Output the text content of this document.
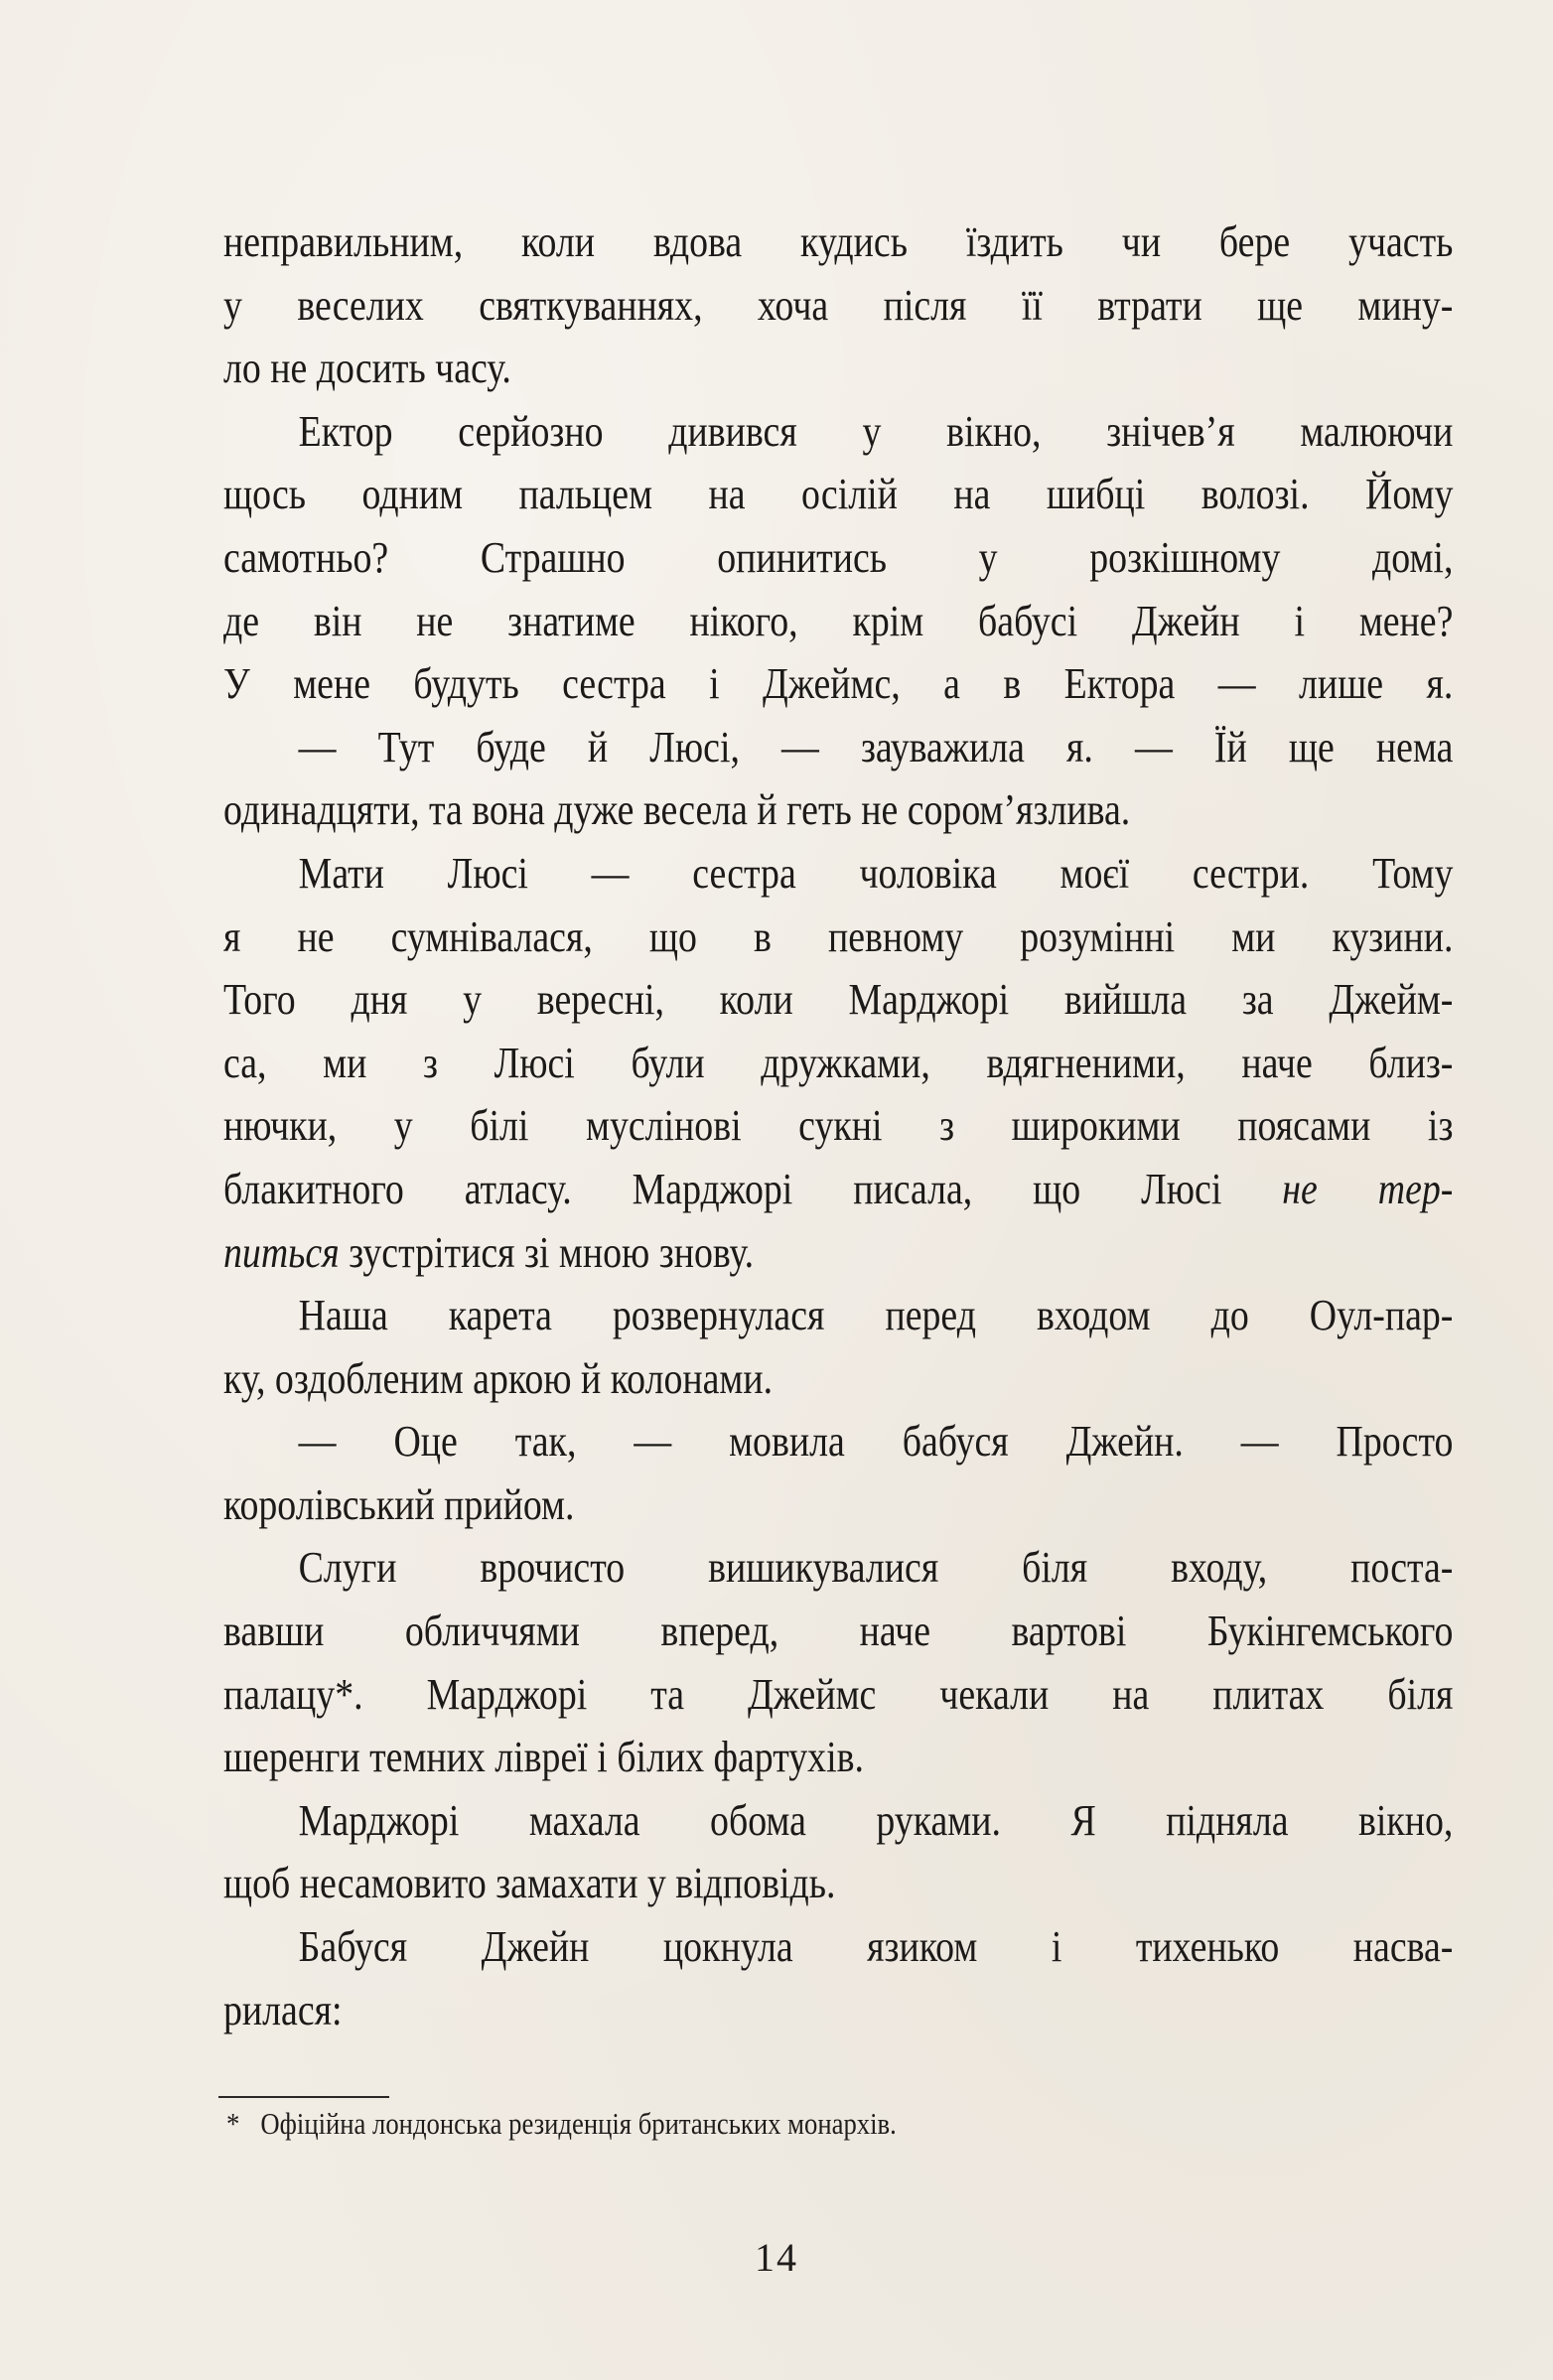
неправильним, коли вдова кудись їздить чи бере участь
у веселих святкуваннях, хоча після її втрати ще мину-
ло не досить часу.
Ектор серйозно дивився у вікно, знічев’я малюючи
щось одним пальцем на осілій на шибці волозі. Йому
самотньо? Страшно опинитись у розкішному домі,
де він не знатиме нікого, крім бабусі Джейн і мене?
У мене будуть сестра і Джеймс, а в Ектора — лише я.
— Тут буде й Люсі, — зауважила я. — Їй ще нема
одинадцяти, та вона дуже весела й геть не сором’язлива.
Мати Люсі — сестра чоловіка моєї сестри. Тому
я не сумнівалася, що в певному розумінні ми кузини.
Того дня у вересні, коли Марджорі вийшла за Джейм-
са, ми з Люсі були дружками, вдягненими, наче близ-
нючки, у білі муслінові сукні з широкими поясами із
блакитного атласу. Марджорі писала, що Люсі не тер-
питься зустрітися зі мною знову.
Наша карета розвернулася перед входом до Оул-пар-
ку, оздобленим аркою й колонами.
— Оце так, — мовила бабуся Джейн. — Просто
королівський прийом.
Слуги врочисто вишикувалися біля входу, поста-
вавши обличчями вперед, наче вартові Букінгемського
палацу*. Марджорі та Джеймс чекали на плитах біля
шеренги темних лівреї і білих фартухів.
Марджорі махала обома руками. Я підняла вікно,
щоб несамовито замахати у відповідь.
Бабуся Джейн цокнула язиком і тихенько насва-
рилася:
* Офіційна лондонська резиденція британських монархів.
14
